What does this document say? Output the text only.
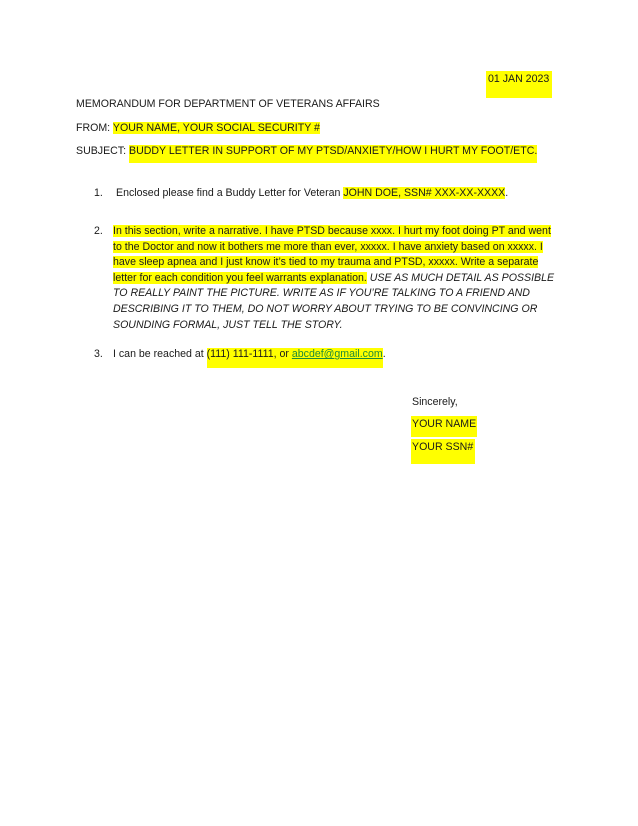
01 JAN 2023
MEMORANDUM FOR DEPARTMENT OF VETERANS AFFAIRS
FROM: YOUR NAME, YOUR SOCIAL SECURITY #
SUBJECT: BUDDY LETTER IN SUPPORT OF MY PTSD/ANXIETY/HOW I HURT MY FOOT/ETC.
1. Enclosed please find a Buddy Letter for Veteran JOHN DOE, SSN# XXX-XX-XXXX.
2. In this section, write a narrative. I have PTSD because xxxx. I hurt my foot doing PT and went to the Doctor and now it bothers me more than ever, xxxxx. I have anxiety based on xxxxx. I have sleep apnea and I just know it’s tied to my trauma and PTSD, xxxxx. Write a separate letter for each condition you feel warrants explanation. USE AS MUCH DETAIL AS POSSIBLE TO REALLY PAINT THE PICTURE. WRITE AS IF YOU’RE TALKING TO A FRIEND AND DESCRIBING IT TO THEM, DO NOT WORRY ABOUT TRYING TO BE CONVINCING OR SOUNDING FORMAL, JUST TELL THE STORY.
3. I can be reached at (111) 111-1111, or abcdef@gmail.com.
Sincerely,
YOUR NAME
YOUR SSN#
